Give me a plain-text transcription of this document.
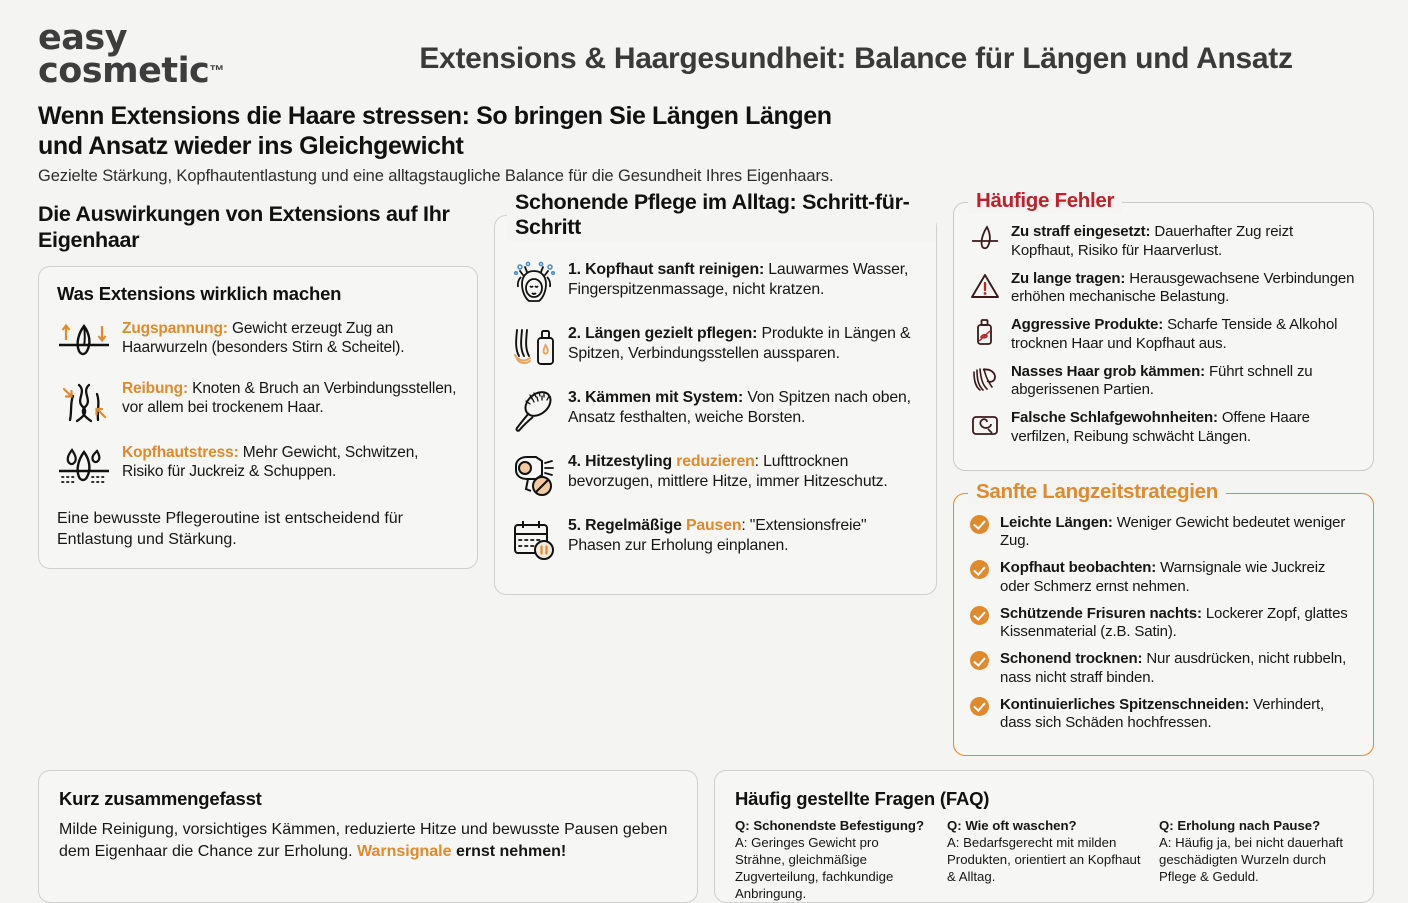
easy
cosmetic™	Extensions & Haargesundheit: Balance für Längen und Ansatz
Wenn Extensions die Haare stressen: So bringen Sie Längen Längen und Ansatz wieder ins Gleichgewicht

Gezielte Stärkung, Kopfhautentlastung und eine alltagstaugliche Balance für die Gesundheit Ihres Eigenhaars.

Die Auswirkungen von Extensions auf Ihr Eigenhaar
Was Extensions wirklich machen
Zugspannung: Gewicht erzeugt Zug an Haarwurzeln (besonders Stirn & Scheitel).
Reibung: Knoten & Bruch an Verbindungsstellen, vor allem bei trockenem Haar.
Kopfhautstress: Mehr Gewicht, Schwitzen, Risiko für Juckreiz & Schuppen.
Eine bewusste Pflegeroutine ist entscheidend für Entlastung und Stärkung.
Schonende Pflege im Alltag: Schritt-für-Schritt
1. Kopfhaut sanft reinigen: Lauwarmes Wasser, Fingerspitzenmassage, nicht kratzen.
2. Längen gezielt pflegen: Produkte in Längen & Spitzen, Verbindungsstellen aussparen.
3. Kämmen mit System: Von Spitzen nach oben, Ansatz festhalten, weiche Borsten.
4. Hitzestyling reduzieren: Lufttrocknen bevorzugen, mittlere Hitze, immer Hitzeschutz.
5. Regelmäßige Pausen: "Extensionsfreie" Phasen zur Erholung einplanen.
Häufige Fehler
Zu straff eingesetzt: Dauerhafter Zug reizt Kopfhaut, Risiko für Haarverlust.
Zu lange tragen: Herausgewachsene Verbindungen erhöhen mechanische Belastung.
Aggressive Produkte: Scharfe Tenside & Alkohol trocknen Haar und Kopfhaut aus.
Nasses Haar grob kämmen: Führt schnell zu abgerissenen Partien.
Falsche Schlafgewohnheiten: Offene Haare verfilzen, Reibung schwächt Längen.
Sanfte Langzeitstrategien
Leichte Längen: Weniger Gewicht bedeutet weniger Zug.
Kopfhaut beobachten: Warnsignale wie Juckreiz oder Schmerz ernst nehmen.
Schützende Frisuren nachts: Lockerer Zopf, glattes Kissenmaterial (z.B. Satin).
Schonend trocknen: Nur ausdrücken, nicht rubbeln, nass nicht straff binden.
Kontinuierliches Spitzenschneiden: Verhindert, dass sich Schäden hochfressen.
Kurz zusammengefasst
Milde Reinigung, vorsichtiges Kämmen, reduzierte Hitze und bewusste Pausen geben dem Eigenhaar die Chance zur Erholung. Warnsignale ernst nehmen!
Häufig gestellte Fragen (FAQ)
Q: Schonendste Befestigung?
A: Geringes Gewicht pro Strähne, gleichmäßige Zugverteilung, fachkundige Anbringung.
Q: Wie oft waschen?
A: Bedarfsgerecht mit milden Produkten, orientiert an Kopfhaut & Alltag.
Q: Erholung nach Pause?
A: Häufig ja, bei nicht dauerhaft geschädigten Wurzeln durch Pflege & Geduld.
